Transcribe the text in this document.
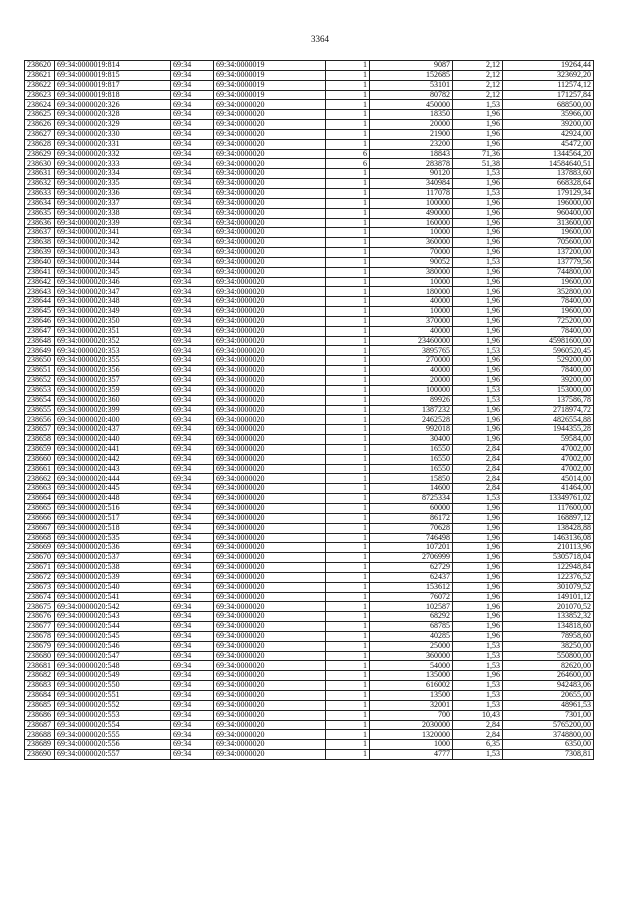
3364
238620	69:34:0000019:814	69:34	69:34:0000019	1	9087	2,12	19264,44
238621	69:34:0000019:815	69:34	69:34:0000019	1	152685	2,12	323692,20
238622	69:34:0000019:817	69:34	69:34:0000019	1	53101	2,12	112574,12
238623	69:34:0000019:818	69:34	69:34:0000019	1	80782	2,12	171257,84
238624	69:34:0000020:326	69:34	69:34:0000020	1	450000	1,53	688500,00
238625	69:34:0000020:328	69:34	69:34:0000020	1	18350	1,96	35966,00
238626	69:34:0000020:329	69:34	69:34:0000020	1	20000	1,96	39200,00
238627	69:34:0000020:330	69:34	69:34:0000020	1	21900	1,96	42924,00
238628	69:34:0000020:331	69:34	69:34:0000020	1	23200	1,96	45472,00
238629	69:34:0000020:332	69:34	69:34:0000020	6	18843	71,36	1344564,20
238630	69:34:0000020:333	69:34	69:34:0000020	6	283878	51,38	14584640,51
238631	69:34:0000020:334	69:34	69:34:0000020	1	90120	1,53	137883,60
238632	69:34:0000020:335	69:34	69:34:0000020	1	340984	1,96	668328,64
238633	69:34:0000020:336	69:34	69:34:0000020	1	117078	1,53	179129,34
238634	69:34:0000020:337	69:34	69:34:0000020	1	100000	1,96	196000,00
238635	69:34:0000020:338	69:34	69:34:0000020	1	490000	1,96	960400,00
238636	69:34:0000020:339	69:34	69:34:0000020	1	160000	1,96	313600,00
238637	69:34:0000020:341	69:34	69:34:0000020	1	10000	1,96	19600,00
238638	69:34:0000020:342	69:34	69:34:0000020	1	360000	1,96	705600,00
238639	69:34:0000020:343	69:34	69:34:0000020	1	70000	1,96	137200,00
238640	69:34:0000020:344	69:34	69:34:0000020	1	90052	1,53	137779,56
238641	69:34:0000020:345	69:34	69:34:0000020	1	380000	1,96	744800,00
238642	69:34:0000020:346	69:34	69:34:0000020	1	10000	1,96	19600,00
238643	69:34:0000020:347	69:34	69:34:0000020	1	180000	1,96	352800,00
238644	69:34:0000020:348	69:34	69:34:0000020	1	40000	1,96	78400,00
238645	69:34:0000020:349	69:34	69:34:0000020	1	10000	1,96	19600,00
238646	69:34:0000020:350	69:34	69:34:0000020	1	370000	1,96	725200,00
238647	69:34:0000020:351	69:34	69:34:0000020	1	40000	1,96	78400,00
238648	69:34:0000020:352	69:34	69:34:0000020	1	23460000	1,96	45981600,00
238649	69:34:0000020:353	69:34	69:34:0000020	1	3895765	1,53	5960520,45
238650	69:34:0000020:355	69:34	69:34:0000020	1	270000	1,96	529200,00
238651	69:34:0000020:356	69:34	69:34:0000020	1	40000	1,96	78400,00
238652	69:34:0000020:357	69:34	69:34:0000020	1	20000	1,96	39200,00
238653	69:34:0000020:359	69:34	69:34:0000020	1	100000	1,53	153000,00
238654	69:34:0000020:360	69:34	69:34:0000020	1	89926	1,53	137586,78
238655	69:34:0000020:399	69:34	69:34:0000020	1	1387232	1,96	2718974,72
238656	69:34:0000020:400	69:34	69:34:0000020	1	2462528	1,96	4826554,88
238657	69:34:0000020:437	69:34	69:34:0000020	1	992018	1,96	1944355,28
238658	69:34:0000020:440	69:34	69:34:0000020	1	30400	1,96	59584,00
238659	69:34:0000020:441	69:34	69:34:0000020	1	16550	2,84	47002,00
238660	69:34:0000020:442	69:34	69:34:0000020	1	16550	2,84	47002,00
238661	69:34:0000020:443	69:34	69:34:0000020	1	16550	2,84	47002,00
238662	69:34:0000020:444	69:34	69:34:0000020	1	15850	2,84	45014,00
238663	69:34:0000020:445	69:34	69:34:0000020	1	14600	2,84	41464,00
238664	69:34:0000020:448	69:34	69:34:0000020	1	8725334	1,53	13349761,02
238665	69:34:0000020:516	69:34	69:34:0000020	1	60000	1,96	117600,00
238666	69:34:0000020:517	69:34	69:34:0000020	1	86172	1,96	168897,12
238667	69:34:0000020:518	69:34	69:34:0000020	1	70628	1,96	138428,88
238668	69:34:0000020:535	69:34	69:34:0000020	1	746498	1,96	1463136,08
238669	69:34:0000020:536	69:34	69:34:0000020	1	107201	1,96	210113,96
238670	69:34:0000020:537	69:34	69:34:0000020	1	2706999	1,96	5305718,04
238671	69:34:0000020:538	69:34	69:34:0000020	1	62729	1,96	122948,84
238672	69:34:0000020:539	69:34	69:34:0000020	1	62437	1,96	122376,52
238673	69:34:0000020:540	69:34	69:34:0000020	1	153612	1,96	301079,52
238674	69:34:0000020:541	69:34	69:34:0000020	1	76072	1,96	149101,12
238675	69:34:0000020:542	69:34	69:34:0000020	1	102587	1,96	201070,52
238676	69:34:0000020:543	69:34	69:34:0000020	1	68292	1,96	133852,32
238677	69:34:0000020:544	69:34	69:34:0000020	1	68785	1,96	134818,60
238678	69:34:0000020:545	69:34	69:34:0000020	1	40285	1,96	78958,60
238679	69:34:0000020:546	69:34	69:34:0000020	1	25000	1,53	38250,00
238680	69:34:0000020:547	69:34	69:34:0000020	1	360000	1,53	550800,00
238681	69:34:0000020:548	69:34	69:34:0000020	1	54000	1,53	82620,00
238682	69:34:0000020:549	69:34	69:34:0000020	1	135000	1,96	264600,00
238683	69:34:0000020:550	69:34	69:34:0000020	1	616002	1,53	942483,06
238684	69:34:0000020:551	69:34	69:34:0000020	1	13500	1,53	20655,00
238685	69:34:0000020:552	69:34	69:34:0000020	1	32001	1,53	48961,53
238686	69:34:0000020:553	69:34	69:34:0000020	1	700	10,43	7301,00
238687	69:34:0000020:554	69:34	69:34:0000020	1	2030000	2,84	5765200,00
238688	69:34:0000020:555	69:34	69:34:0000020	1	1320000	2,84	3748800,00
238689	69:34:0000020:556	69:34	69:34:0000020	1	1000	6,35	6350,00
238690	69:34:0000020:557	69:34	69:34:0000020	1	4777	1,53	7308,81
